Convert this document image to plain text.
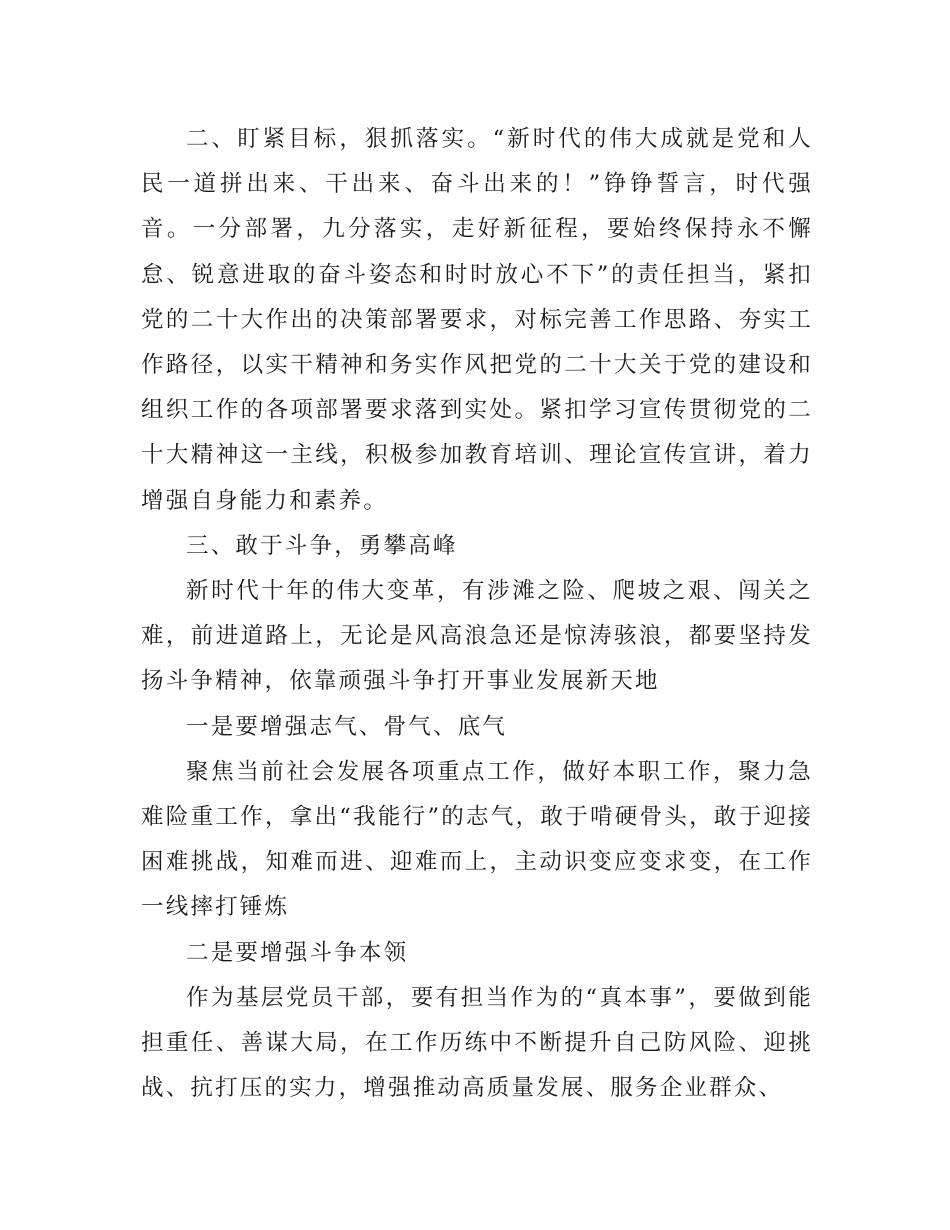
二、盯紧目标，狠抓落实。“新时代的伟大成就是党和人民一道拼出来、干出来、奋斗出来的！”铮铮誓言，时代强音。一分部署，九分落实，走好新征程，要始终保持永不懈怠、锐意进取的奋斗姿态和时时放心不下”的责任担当，紧扣党的二十大作出的决策部署要求，对标完善工作思路、夯实工作路径，以实干精神和务实作风把党的二十大关于党的建设和组织工作的各项部署要求落到实处。紧扣学习宣传贯彻党的二十大精神这一主线，积极参加教育培训、理论宣传宣讲，着力增强自身能力和素养。

三、敢于斗争，勇攀高峰

新时代十年的伟大变革，有涉滩之险、爬坡之艰、闯关之难，前进道路上，无论是风高浪急还是惊涛骇浪，都要坚持发扬斗争精神，依靠顽强斗争打开事业发展新天地

一是要增强志气、骨气、底气

聚焦当前社会发展各项重点工作，做好本职工作，聚力急难险重工作，拿出“我能行”的志气，敢于啃硬骨头，敢于迎接困难挑战，知难而进、迎难而上，主动识变应变求变，在工作一线摔打锤炼

二是要增强斗争本领

作为基层党员干部，要有担当作为的“真本事”，要做到能担重任、善谋大局，在工作历练中不断提升自己防风险、迎挑战、抗打压的实力，增强推动高质量发展、服务企业群众、
